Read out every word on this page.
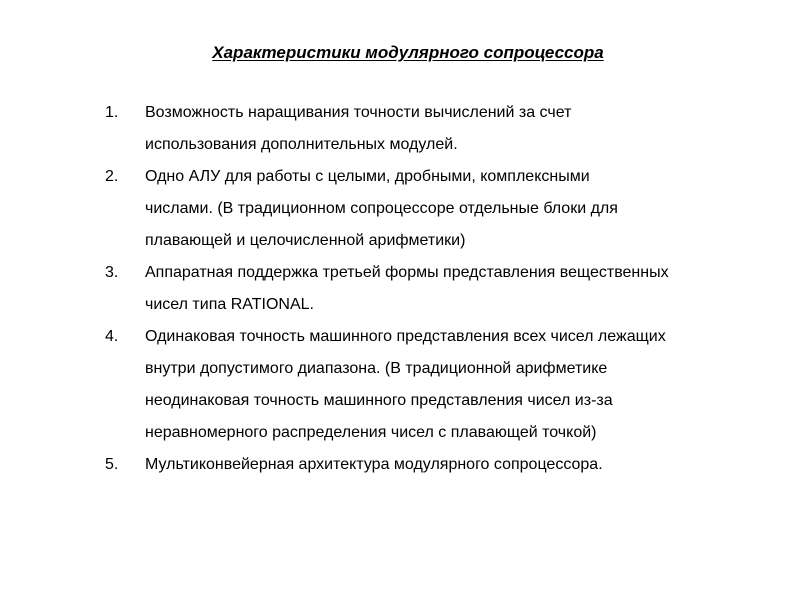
Характеристики модулярного сопроцессора
1.	Возможность наращивания точности вычислений за счет
использования дополнительных модулей.
2.	Одно АЛУ для работы с целыми, дробными, комплексными
числами. (В традиционном сопроцессоре отдельные блоки для
плавающей и целочисленной арифметики)
3.	Аппаратная поддержка третьей формы представления вещественных
чисел типа RATIONAL.
4.	Одинаковая точность машинного представления всех чисел лежащих
внутри допустимого диапазона. (В традиционной арифметике
неодинаковая точность машинного представления чисел из-за
неравномерного распределения чисел с плавающей точкой)
5.	Мультиконвейерная архитектура модулярного сопроцессора.
